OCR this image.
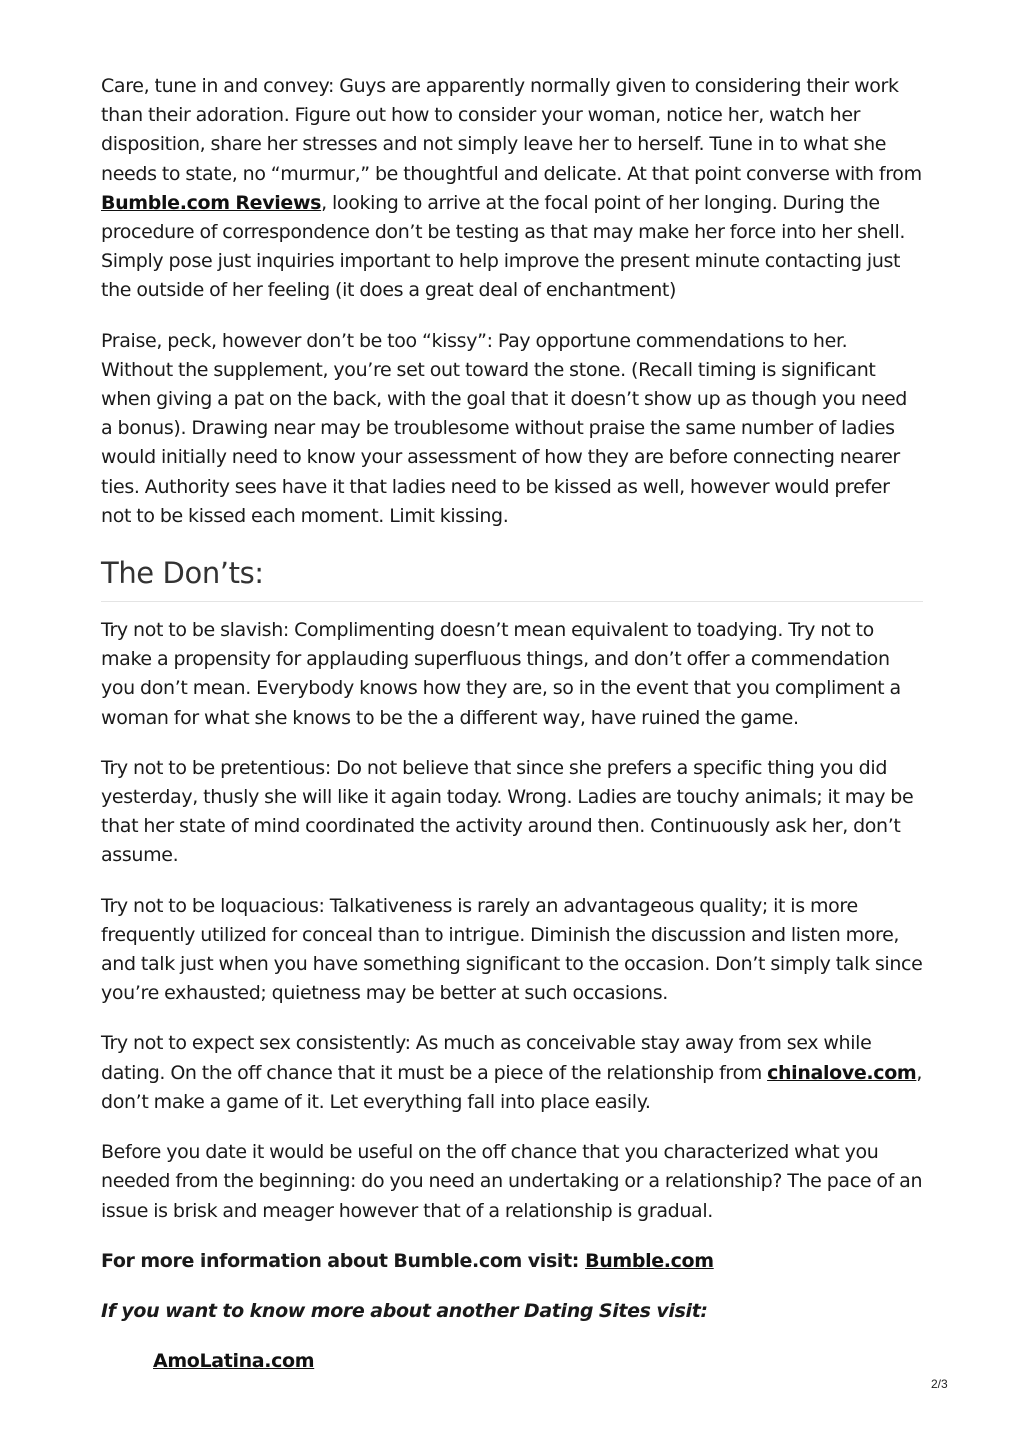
Care, tune in and convey: Guys are apparently normally given to considering their work than their adoration. Figure out how to consider your woman, notice her, watch her disposition, share her stresses and not simply leave her to herself. Tune in to what she needs to state, no “murmur,” be thoughtful and delicate. At that point converse with from Bumble.com Reviews, looking to arrive at the focal point of her longing. During the procedure of correspondence don’t be testing as that may make her force into her shell. Simply pose just inquiries important to help improve the present minute contacting just the outside of her feeling (it does a great deal of enchantment)

Praise, peck, however don’t be too “kissy”: Pay opportune commendations to her. Without the supplement, you’re set out toward the stone. (Recall timing is significant when giving a pat on the back, with the goal that it doesn’t show up as though you need a bonus). Drawing near may be troublesome without praise the same number of ladies would initially need to know your assessment of how they are before connecting nearer ties. Authority sees have it that ladies need to be kissed as well, however would prefer not to be kissed each moment. Limit kissing.

The Don’ts:

Try not to be slavish: Complimenting doesn’t mean equivalent to toadying. Try not to make a propensity for applauding superfluous things, and don’t offer a commendation you don’t mean. Everybody knows how they are, so in the event that you compliment a woman for what she knows to be the a different way, have ruined the game.

Try not to be pretentious: Do not believe that since she prefers a specific thing you did yesterday, thusly she will like it again today. Wrong. Ladies are touchy animals; it may be that her state of mind coordinated the activity around then. Continuously ask her, don’t assume.

Try not to be loquacious: Talkativeness is rarely an advantageous quality; it is more frequently utilized for conceal than to intrigue. Diminish the discussion and listen more, and talk just when you have something significant to the occasion. Don’t simply talk since you’re exhausted; quietness may be better at such occasions.

Try not to expect sex consistently: As much as conceivable stay away from sex while dating. On the off chance that it must be a piece of the relationship from chinalove.com, don’t make a game of it. Let everything fall into place easily.

Before you date it would be useful on the off chance that you characterized what you needed from the beginning: do you need an undertaking or a relationship? The pace of an issue is brisk and meager however that of a relationship is gradual.

For more information about Bumble.com visit: Bumble.com

If you want to know more about another Dating Sites visit:

AmoLatina.com

2/3
